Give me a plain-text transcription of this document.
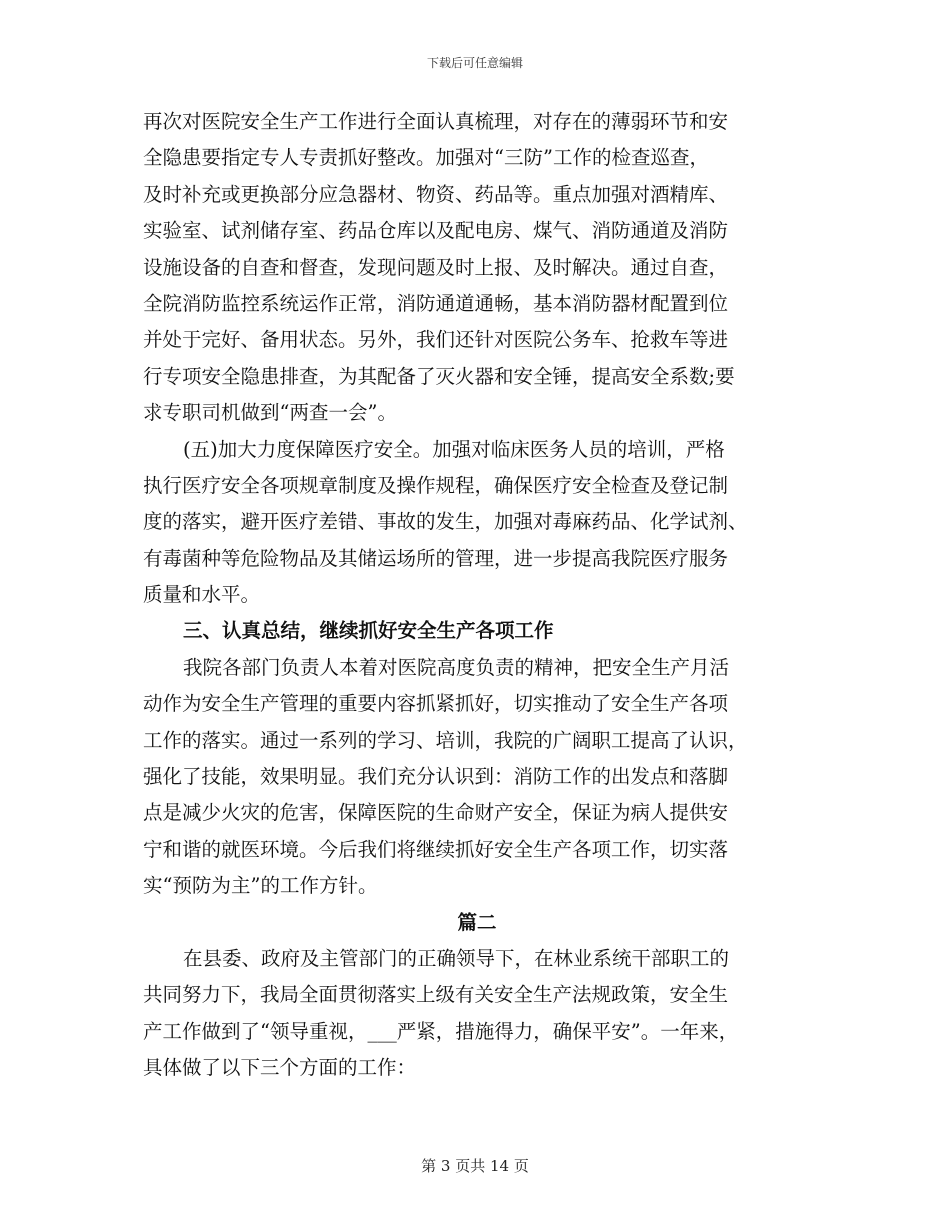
下载后可任意编辑
再次对医院安全生产工作进行全面认真梳理，对存在的薄弱环节和安
全隐患要指定专人专责抓好整改。加强对“三防”工作的检查巡查，
及时补充或更换部分应急器材、物资、药品等。重点加强对酒精库、
实验室、试剂储存室、药品仓库以及配电房、煤气、消防通道及消防
设施设备的自查和督查，发现问题及时上报、及时解决。通过自查，
全院消防监控系统运作正常，消防通道通畅，基本消防器材配置到位
并处于完好、备用状态。另外，我们还针对医院公务车、抢救车等进
行专项安全隐患排查，为其配备了灭火器和安全锤，提高安全系数;要
求专职司机做到“两查一会”。
(五)加大力度保障医疗安全。加强对临床医务人员的培训，严格
执行医疗安全各项规章制度及操作规程，确保医疗安全检查及登记制
度的落实，避开医疗差错、事故的发生，加强对毒麻药品、化学试剂、
有毒菌种等危险物品及其储运场所的管理，进一步提高我院医疗服务
质量和水平。
三、认真总结，继续抓好安全生产各项工作
我院各部门负责人本着对医院高度负责的精神，把安全生产月活
动作为安全生产管理的重要内容抓紧抓好，切实推动了安全生产各项
工作的落实。通过一系列的学习、培训，我院的广阔职工提高了认识，
强化了技能，效果明显。我们充分认识到：消防工作的出发点和落脚
点是减少火灾的危害，保障医院的生命财产安全，保证为病人提供安
宁和谐的就医环境。今后我们将继续抓好安全生产各项工作，切实落
实“预防为主”的工作方针。
篇二
在县委、政府及主管部门的正确领导下，在林业系统干部职工的
共同努力下，我局全面贯彻落实上级有关安全生产法规政策，安全生
产工作做到了“领导重视，___严紧，措施得力，确保平安”。一年来，
具体做了以下三个方面的工作：
第 3 页共 14 页
